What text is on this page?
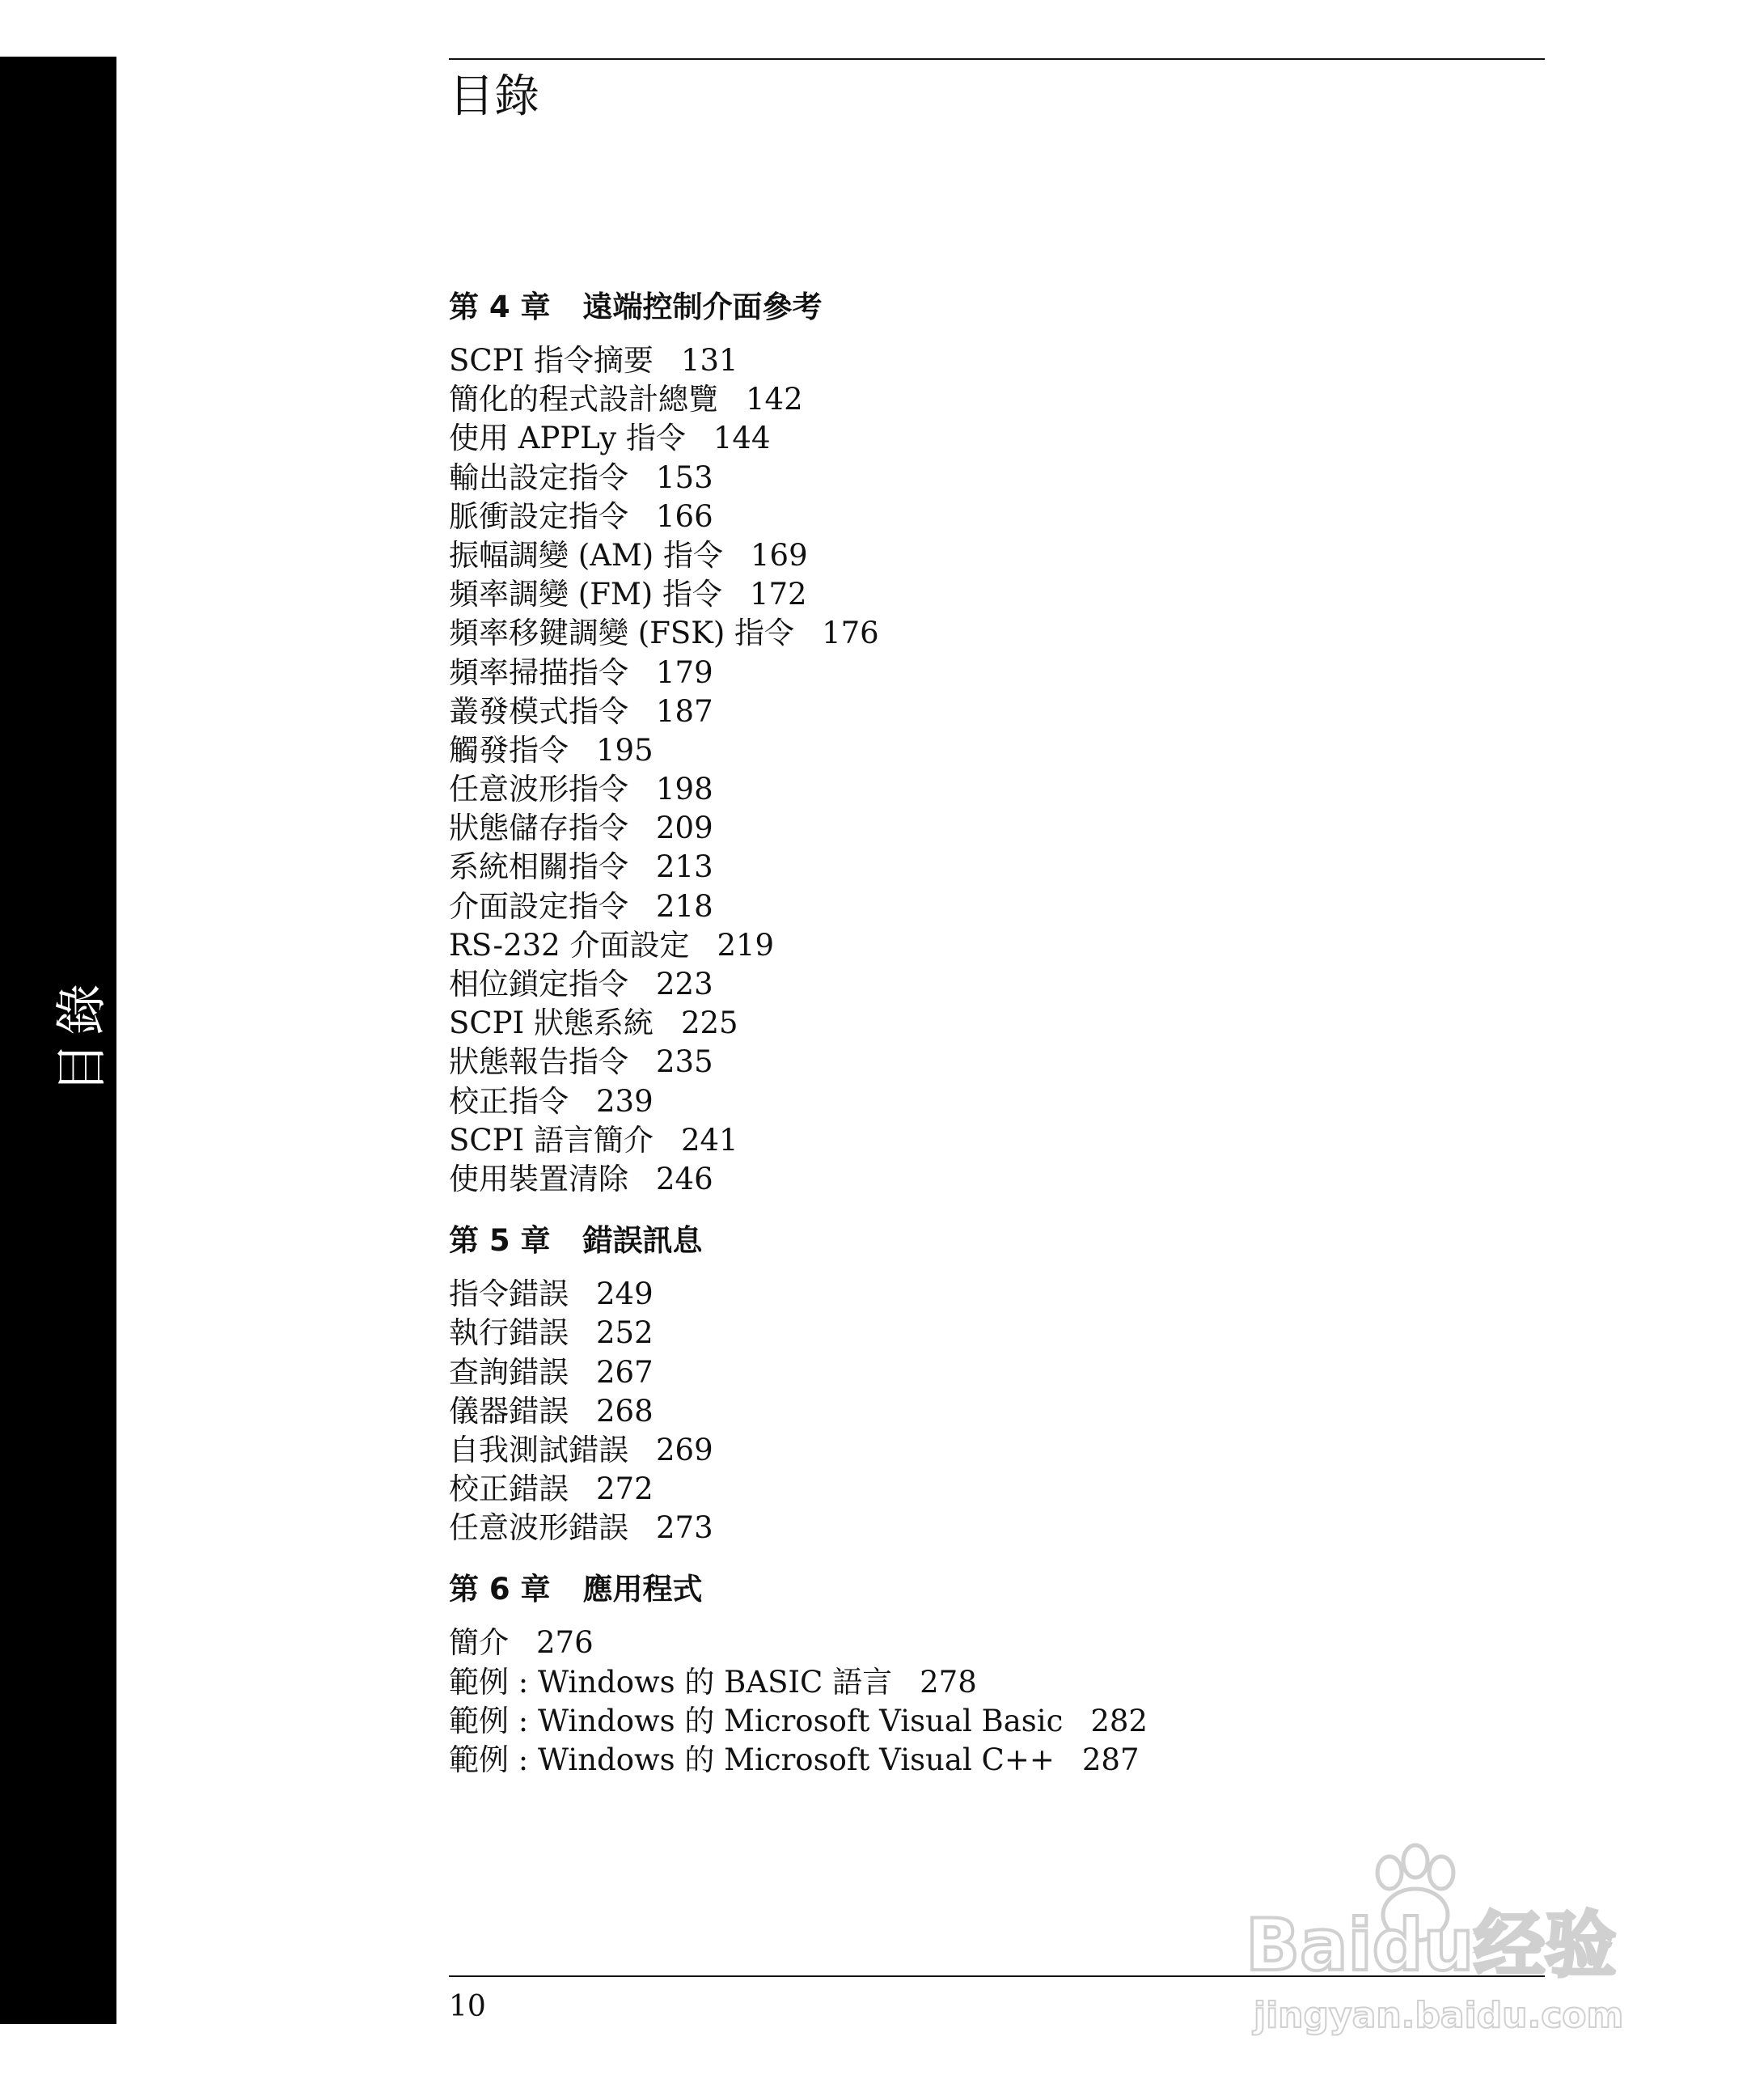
目錄
目錄
第 4 章 遠端控制介面參考
SCPI 指令摘要 131
簡化的程式設計總覽 142
使用 APPLy 指令 144
輸出設定指令 153
脈衝設定指令 166
振幅調變 (AM) 指令 169
頻率調變 (FM) 指令 172
頻率移鍵調變 (FSK) 指令 176
頻率掃描指令 179
叢發模式指令 187
觸發指令 195
任意波形指令 198
狀態儲存指令 209
系統相關指令 213
介面設定指令 218
RS-232 介面設定 219
相位鎖定指令 223
SCPI 狀態系統 225
狀態報告指令 235
校正指令 239
SCPI 語言簡介 241
使用裝置清除 246
第 5 章 錯誤訊息
指令錯誤 249
執行錯誤 252
查詢錯誤 267
儀器錯誤 268
自我測試錯誤 269
校正錯誤 272
任意波形錯誤 273
第 6 章 應用程式
簡介 276
範例 : Windows 的 BASIC 語言 278
範例 : Windows 的 Microsoft Visual Basic 282
範例 : Windows 的 Microsoft Visual C++ 287
10
Baidu经验
jingyan.baidu.com
